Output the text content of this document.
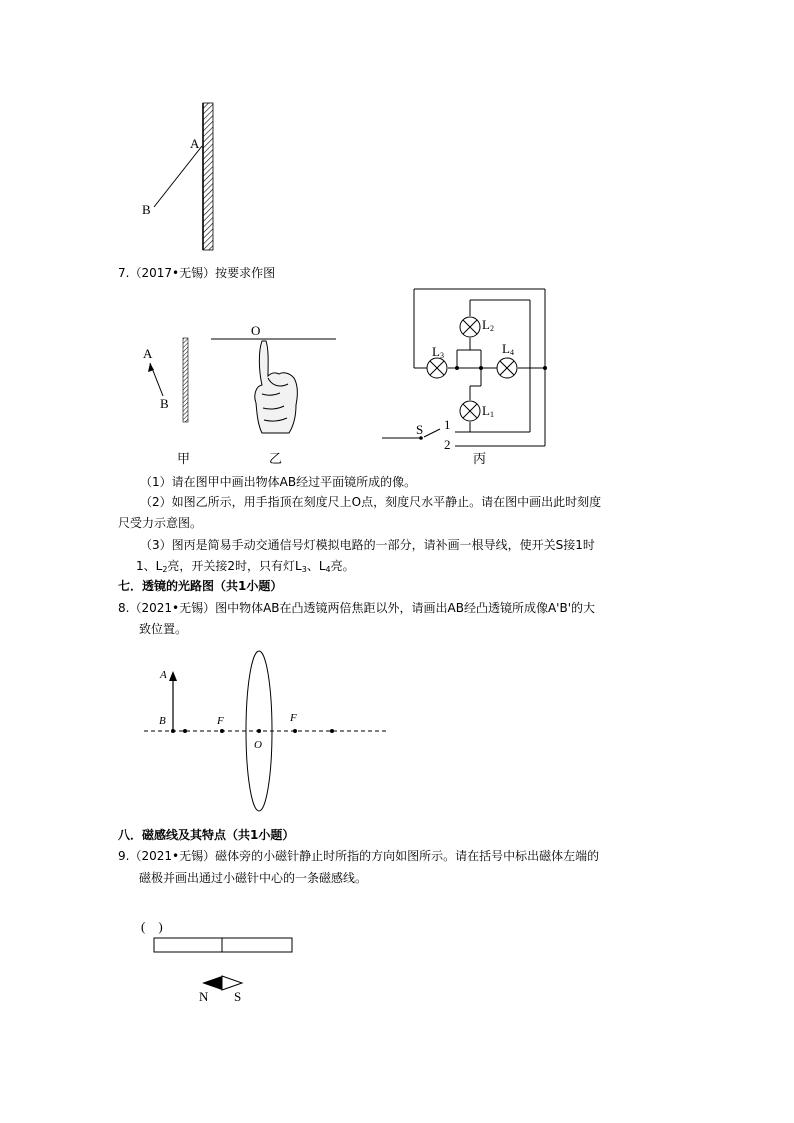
A
B
7.（2017•无锡）按要求作图
A
B
O	$L_2$
$L_3$	$L_4$
$L_1$
S 1
2
甲	乙	丙
（1）请在图甲中画出物体AB经过平面镜所成的像。
（2）如图乙所示，用手指顶在刻度尺上O点，刻度尺水平静止。请在图中画出此时刻度
尺受力示意图。
（3）图丙是简易手动交通信号灯模拟电路的一部分，请补画一根导线，使开关S接1时
1、$L_2$亮，开关接2时，只有灯$L_3$、$L_4$亮。
七．透镜的光路图（共1小题）
8.（2021•无锡）图中物体AB在凸透镜两倍焦距以外，请画出AB经凸透镜所成像A'B'的大
致位置。
A
B	F	F
O
八．磁感线及其特点（共1小题）
9.（2021•无锡）磁体旁的小磁针静止时所指的方向如图所示。请在括号中标出磁体左端的
磁极并画出通过小磁针中心的一条磁感线。
(　)
N S
